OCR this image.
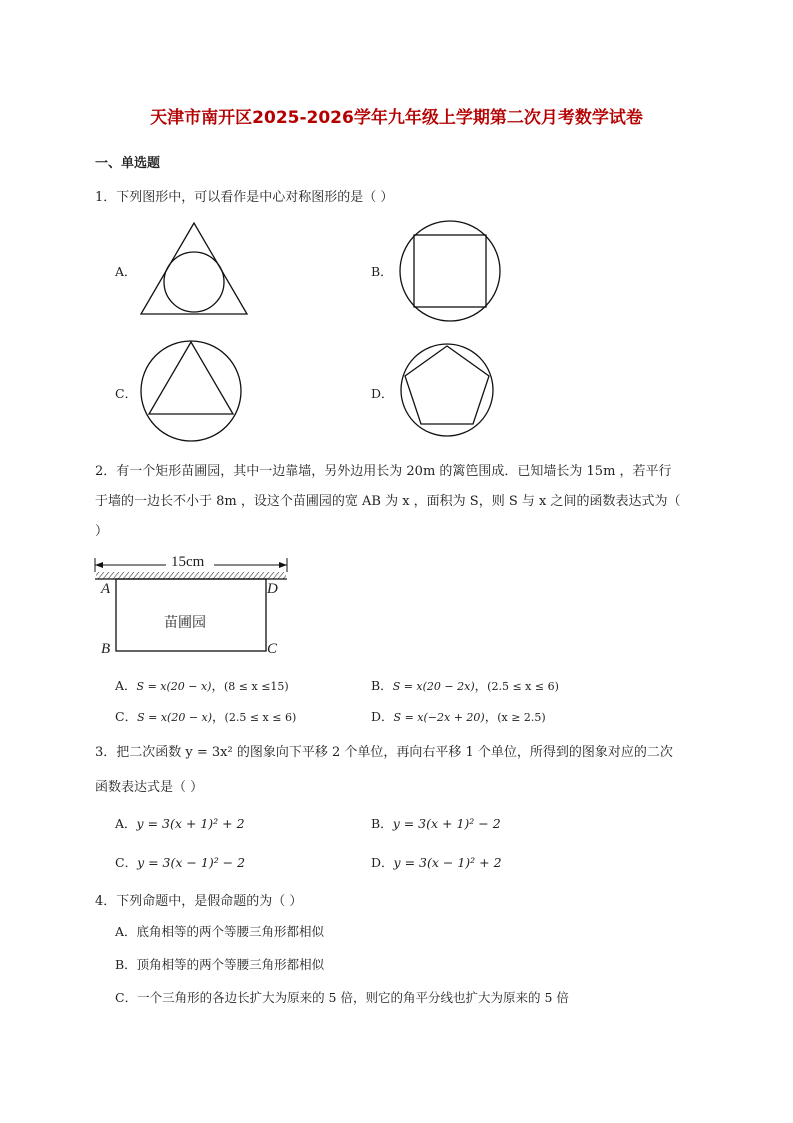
天津市南开区2025-2026学年九年级上学期第二次月考数学试卷
一、单选题
1．下列图形中，可以看作是中心对称图形的是（ ）
A．	B．
C．	D．
2．有一个矩形苗圃园，其中一边靠墙，另外边用长为 20m 的篱笆围成．已知墙长为 15m ，若平行
于墙的一边长不小于 8m ，设这个苗圃园的宽 AB 为 x ，面积为 S，则 S 与 x 之间的函数表达式为（
）
15cm
A	D
B	C
苗圃园
A．S = x(20 − x)，(8 ≤ x ≤15)	B．S = x(20 − 2x)，(2.5 ≤ x ≤ 6)
C．S = x(20 − x)，(2.5 ≤ x ≤ 6)	D．S = x(−2x + 20)，(x ≥ 2.5)
3．把二次函数 y = 3x² 的图象向下平移 2 个单位，再向右平移 1 个单位，所得到的图象对应的二次
函数表达式是（ ）
A．y = 3(x + 1)² + 2	B．y = 3(x + 1)² − 2
C．y = 3(x − 1)² − 2	D．y = 3(x − 1)² + 2
4．下列命题中，是假命题的为（ ）
A．底角相等的两个等腰三角形都相似
B．顶角相等的两个等腰三角形都相似
C．一个三角形的各边长扩大为原来的 5 倍，则它的角平分线也扩大为原来的 5 倍
